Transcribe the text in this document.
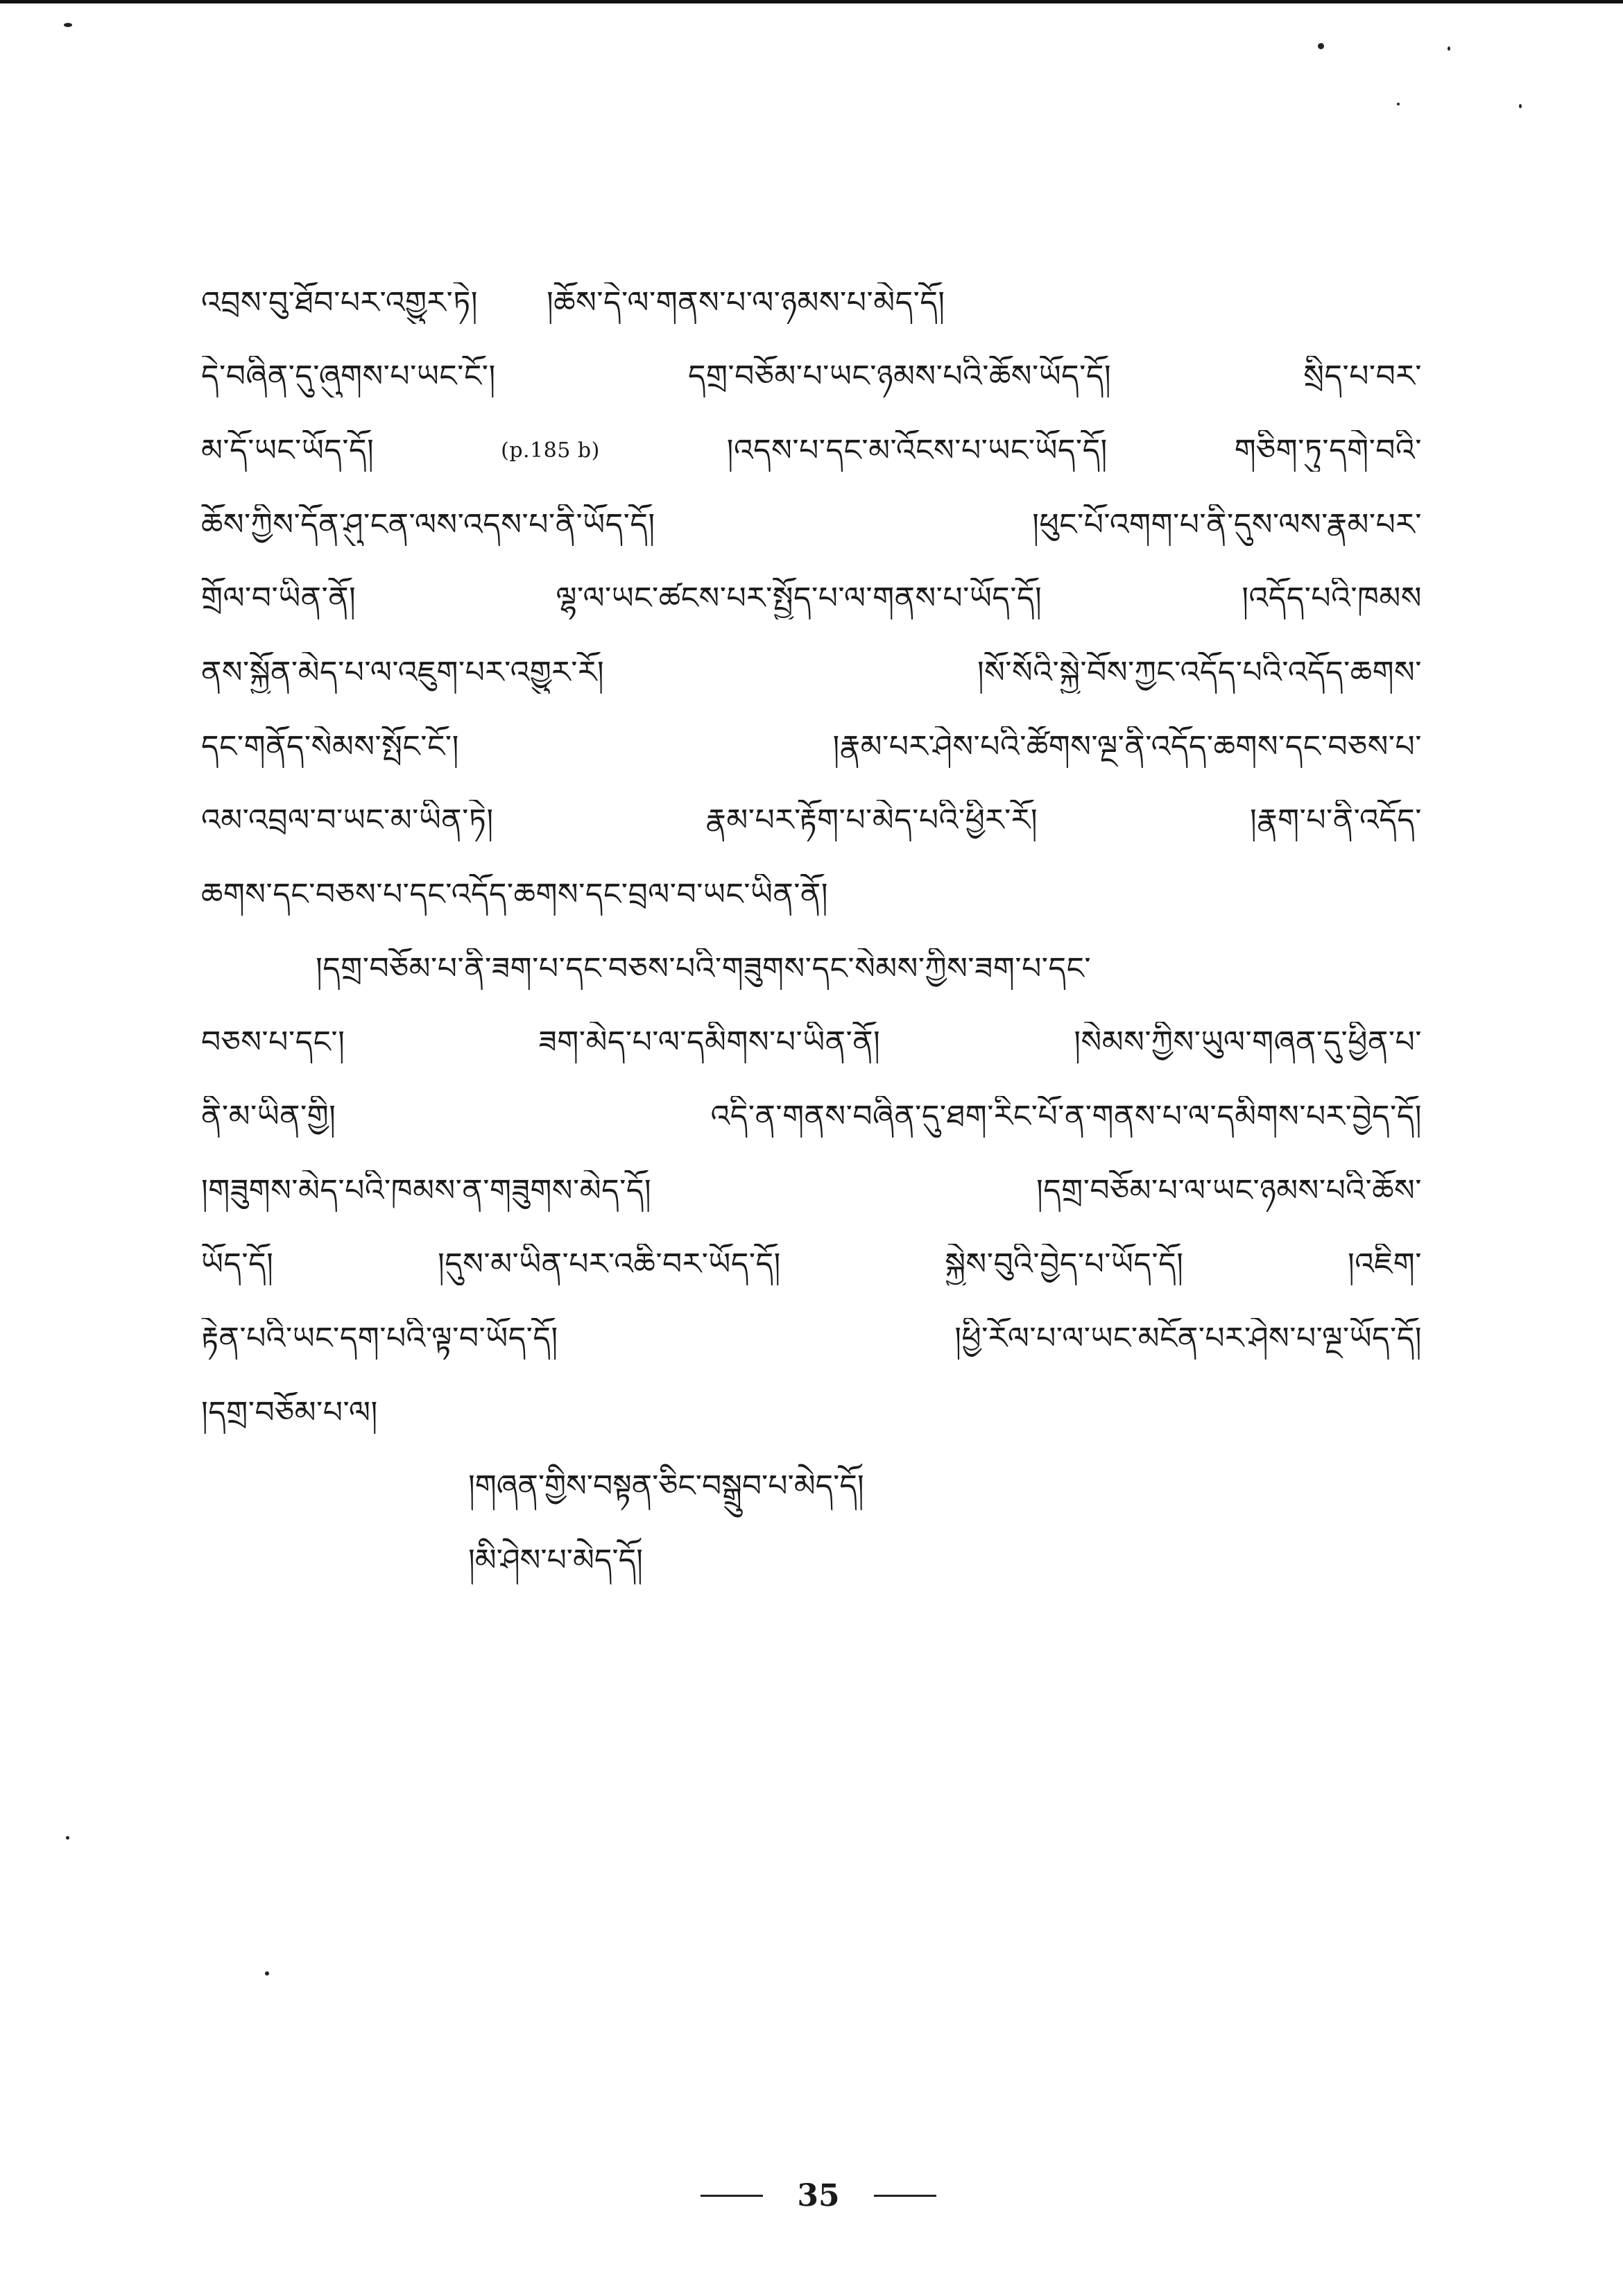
འབྲས་བུ་ཐོབ་པར་འགྱུར་ཏེ། །ཆོས་དེ་ལ་གནས་པ་ལ་ཉམས་པ་མེད་དོ།
དེ་བཞིན་དུ་ཞུགས་པ་ཡང་ངོ་།	དགྲ་བཅོམ་པ་ཡང་ཉམས་པའི་ཆོས་ཡོད་དོ།	སྲིད་པ་བར་
མ་དོ་ཡང་ཡོད་དོ།	(p.185 b)	།འདས་པ་དང་མ་འོངས་པ་ཡང་ཡོད་དོ།	གཅིག་ཏུ་དགེ་བའི་
ཆོས་ཀྱིས་དོན་ཤུ་ངན་ལས་འདས་པ་ནི་ཡོད་དོ།	།ཕུང་པོ་འགག་པ་ནི་དུས་ལས་རྣམ་པར་
གྲོལ་བ་ཡིན་ནོ།	ལྷ་ལ་ཡང་ཚངས་པར་སྤྱོད་པ་ལ་གནས་པ་ཡོད་དོ།	།འདོད་པའི་ཁམས
ནས་སྐྱོན་མེད་པ་ལ་འཇུག་པར་འགྱུར་རོ།	།སོ་སོའི་སྐྱེ་བོས་ཀྱང་འདོད་པའི་འདོད་ཆགས་
དང་གནོད་སེམས་སྤོང་ངོ་།	།རྣམ་པར་ཤེས་པའི་ཚོགས་ལྔ་ནི་འདོད་ཆགས་དང་བཅས་པ་
འམ་འབྲལ་བ་ཡང་མ་ཡིན་ཏེ།	རྣམ་པར་རྟོག་པ་མེད་པའི་ཕྱིར་རོ།	།རྣག་པ་ནི་འདོད་
ཆགས་དང་བཅས་པ་དང་འདོད་ཆགས་དང་བྲལ་བ་ཡང་ཡིན་ནོ།
།དགྲ་བཅོམ་པ་ནི་ཟག་པ་དང་བཅས་པའི་གཟུགས་དང་སེམས་ཀྱིས་ཟག་པ་དང་
བཅས་པ་དང་།	ཟག་མེད་པ་ལ་དམིགས་པ་ཡིན་ནོ།	།སེམས་ཀྱིས་ཡུལ་གཞན་དུ་ཕྱིན་པ་
ནི་མ་ཡིན་གྱི།	འདི་ན་གནས་བཞིན་དུ་ཐག་རིང་པོ་ན་གནས་པ་ལ་དམིགས་པར་བྱེད་དོ།
།གཟུགས་མེད་པའི་ཁམས་ན་གཟུགས་མེད་དོ།	།དགྲ་བཅོམ་པ་ལ་ཡང་ཉམས་པའི་ཆོས་
ཡོད་དོ།	།དུས་མ་ཡིན་པར་འཆི་བར་ཡོད་དོ།	སྐྱེས་བུའི་བྱེད་པ་ཡོད་དོ།	།འཇིག་
རྟེན་པའི་ཡང་དག་པའི་ལྟ་བ་ཡོད་དོ།	།ཕྱི་རོལ་པ་ལ་ཡང་མངོན་པར་ཤེས་པ་ལྔ་ཡོད་དོ།
།དགྲ་བཅོམ་པ་ལ།
།གཞན་གྱིས་བསྟན་ཅིང་བསྒྲུབ་པ་མེད་དོ།
།མི་ཤེས་པ་མེད་དོ།
35
